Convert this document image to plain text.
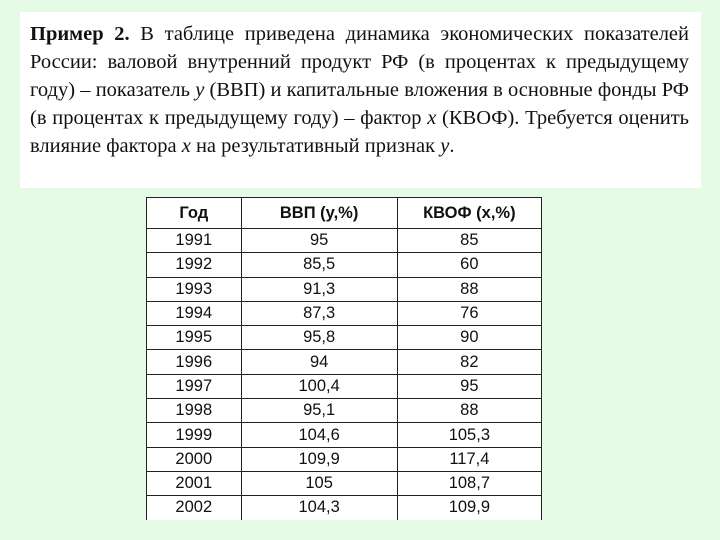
Пример 2. В таблице приведена динамика экономических показателей России: валовой внутренний продукт РФ (в процентах к предыдущему году) – показатель y (ВВП) и капитальные вложения в основные фонды РФ (в процентах к предыдущему году) – фактор x (КВОФ). Требуется оценить влияние фактора x на результативный признак y.
Год	ВВП (у,%)	КВОФ (х,%)
1991	95	85
1992	85,5	60
1993	91,3	88
1994	87,3	76
1995	95,8	90
1996	94	82
1997	100,4	95
1998	95,1	88
1999	104,6	105,3
2000	109,9	117,4
2001	105	108,7
2002	104,3	109,9
